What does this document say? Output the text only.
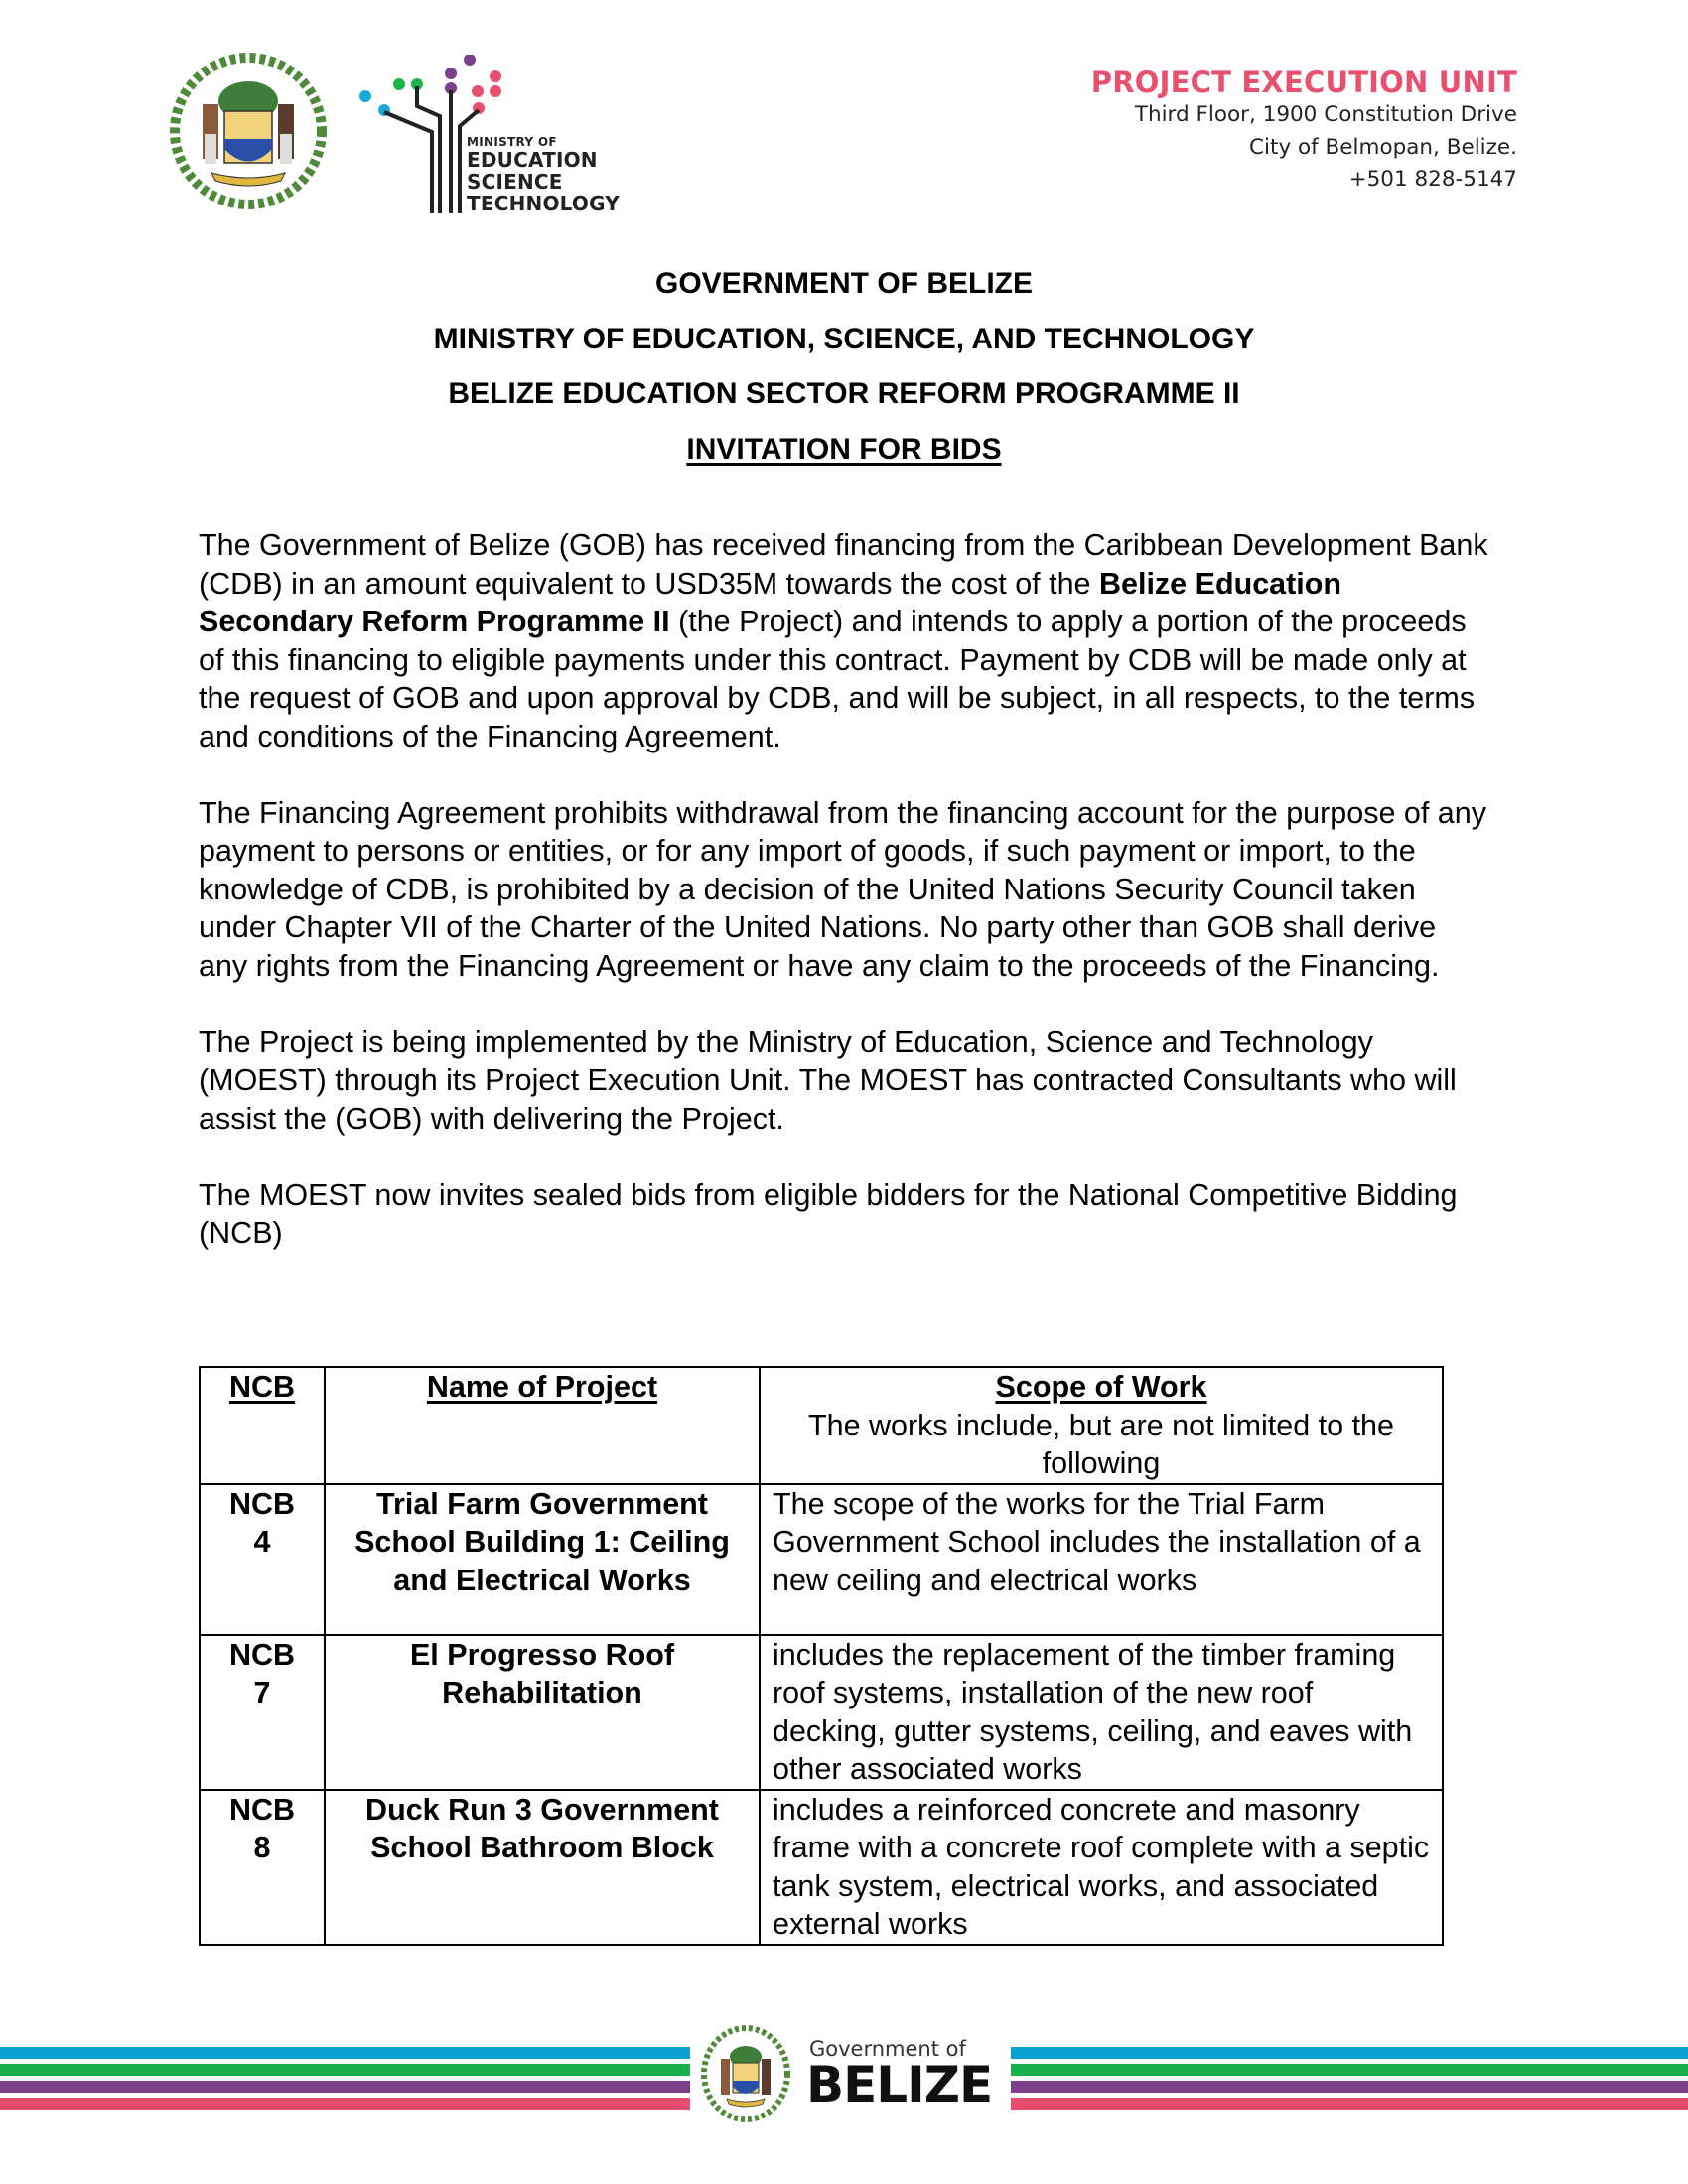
MINISTRY OF
EDUCATION
SCIENCE
TECHNOLOGY
PROJECT EXECUTION UNIT
Third Floor, 1900 Constitution Drive
City of Belmopan, Belize.
+501 828-5147
GOVERNMENT OF BELIZE
MINISTRY OF EDUCATION, SCIENCE, AND TECHNOLOGY
BELIZE EDUCATION SECTOR REFORM PROGRAMME II
INVITATION FOR BIDS

The Government of Belize (GOB) has received financing from the Caribbean Development Bank (CDB) in an amount equivalent to USD35M towards the cost of the Belize Education Secondary Reform Programme II (the Project) and intends to apply a portion of the proceeds of this financing to eligible payments under this contract. Payment by CDB will be made only at the request of GOB and upon approval by CDB, and will be subject, in all respects, to the terms and conditions of the Financing Agreement.

The Financing Agreement prohibits withdrawal from the financing account for the purpose of any payment to persons or entities, or for any import of goods, if such payment or import, to the knowledge of CDB, is prohibited by a decision of the United Nations Security Council taken under Chapter VII of the Charter of the United Nations. No party other than GOB shall derive any rights from the Financing Agreement or have any claim to the proceeds of the Financing.

The Project is being implemented by the Ministry of Education, Science and Technology (MOEST) through its Project Execution Unit. The MOEST has contracted Consultants who will assist the (GOB) with delivering the Project.

The MOEST now invites sealed bids from eligible bidders for the National Competitive Bidding (NCB)

NCB	Name of Project	Scope of Work
The works include, but are not limited to the following
NCB
4	Trial Farm Government School Building 1: Ceiling and Electrical Works	The scope of the works for the Trial Farm Government School includes the installation of a new ceiling and electrical works
NCB
7	El Progresso Roof Rehabilitation	includes the replacement of the timber framing roof systems, installation of the new roof decking, gutter systems, ceiling, and eaves with other associated works
NCB
8	Duck Run 3 Government School Bathroom Block	includes a reinforced concrete and masonry frame with a concrete roof complete with a septic tank system, electrical works, and associated external works
Government of
BELIZE
